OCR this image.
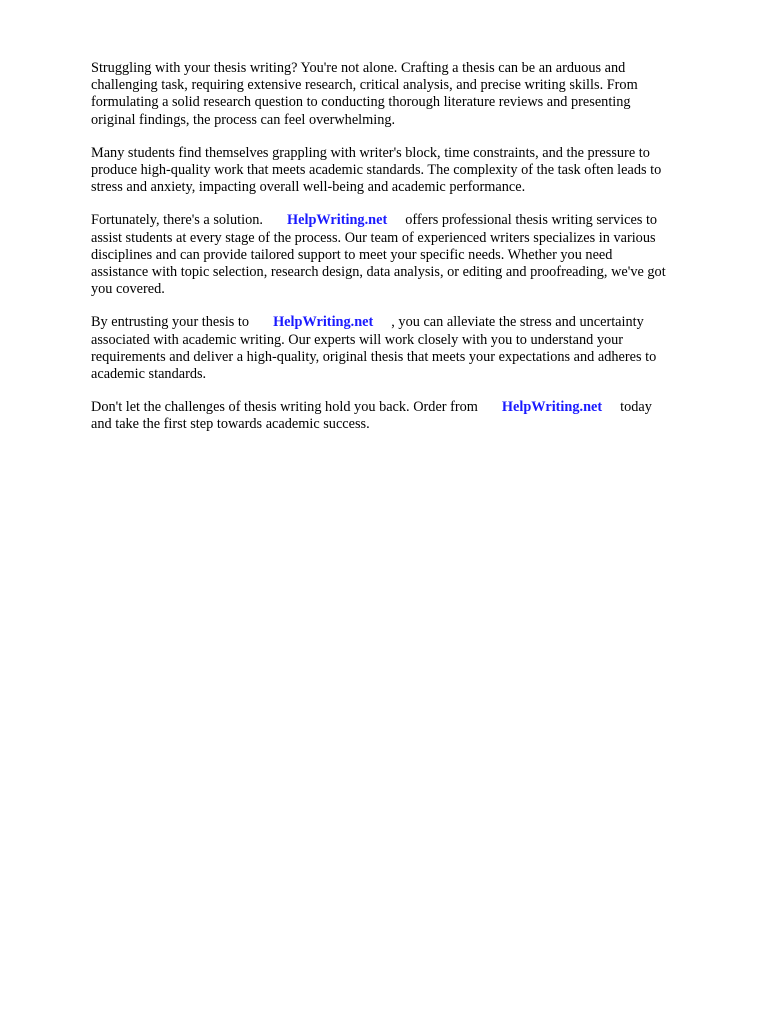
Struggling with your thesis writing? You're not alone. Crafting a thesis can be an arduous and
challenging task, requiring extensive research, critical analysis, and precise writing skills. From
formulating a solid research question to conducting thorough literature reviews and presenting
original findings, the process can feel overwhelming.

Many students find themselves grappling with writer's block, time constraints, and the pressure to
produce high-quality work that meets academic standards. The complexity of the task often leads to
stress and anxiety, impacting overall well-being and academic performance.

Fortunately, there's a solution. HelpWriting.net offers professional thesis writing services to
assist students at every stage of the process. Our team of experienced writers specializes in various
disciplines and can provide tailored support to meet your specific needs. Whether you need
assistance with topic selection, research design, data analysis, or editing and proofreading, we've got
you covered.

By entrusting your thesis to HelpWriting.net , you can alleviate the stress and uncertainty
associated with academic writing. Our experts will work closely with you to understand your
requirements and deliver a high-quality, original thesis that meets your expectations and adheres to
academic standards.

Don't let the challenges of thesis writing hold you back. Order from HelpWriting.net today
and take the first step towards academic success.
